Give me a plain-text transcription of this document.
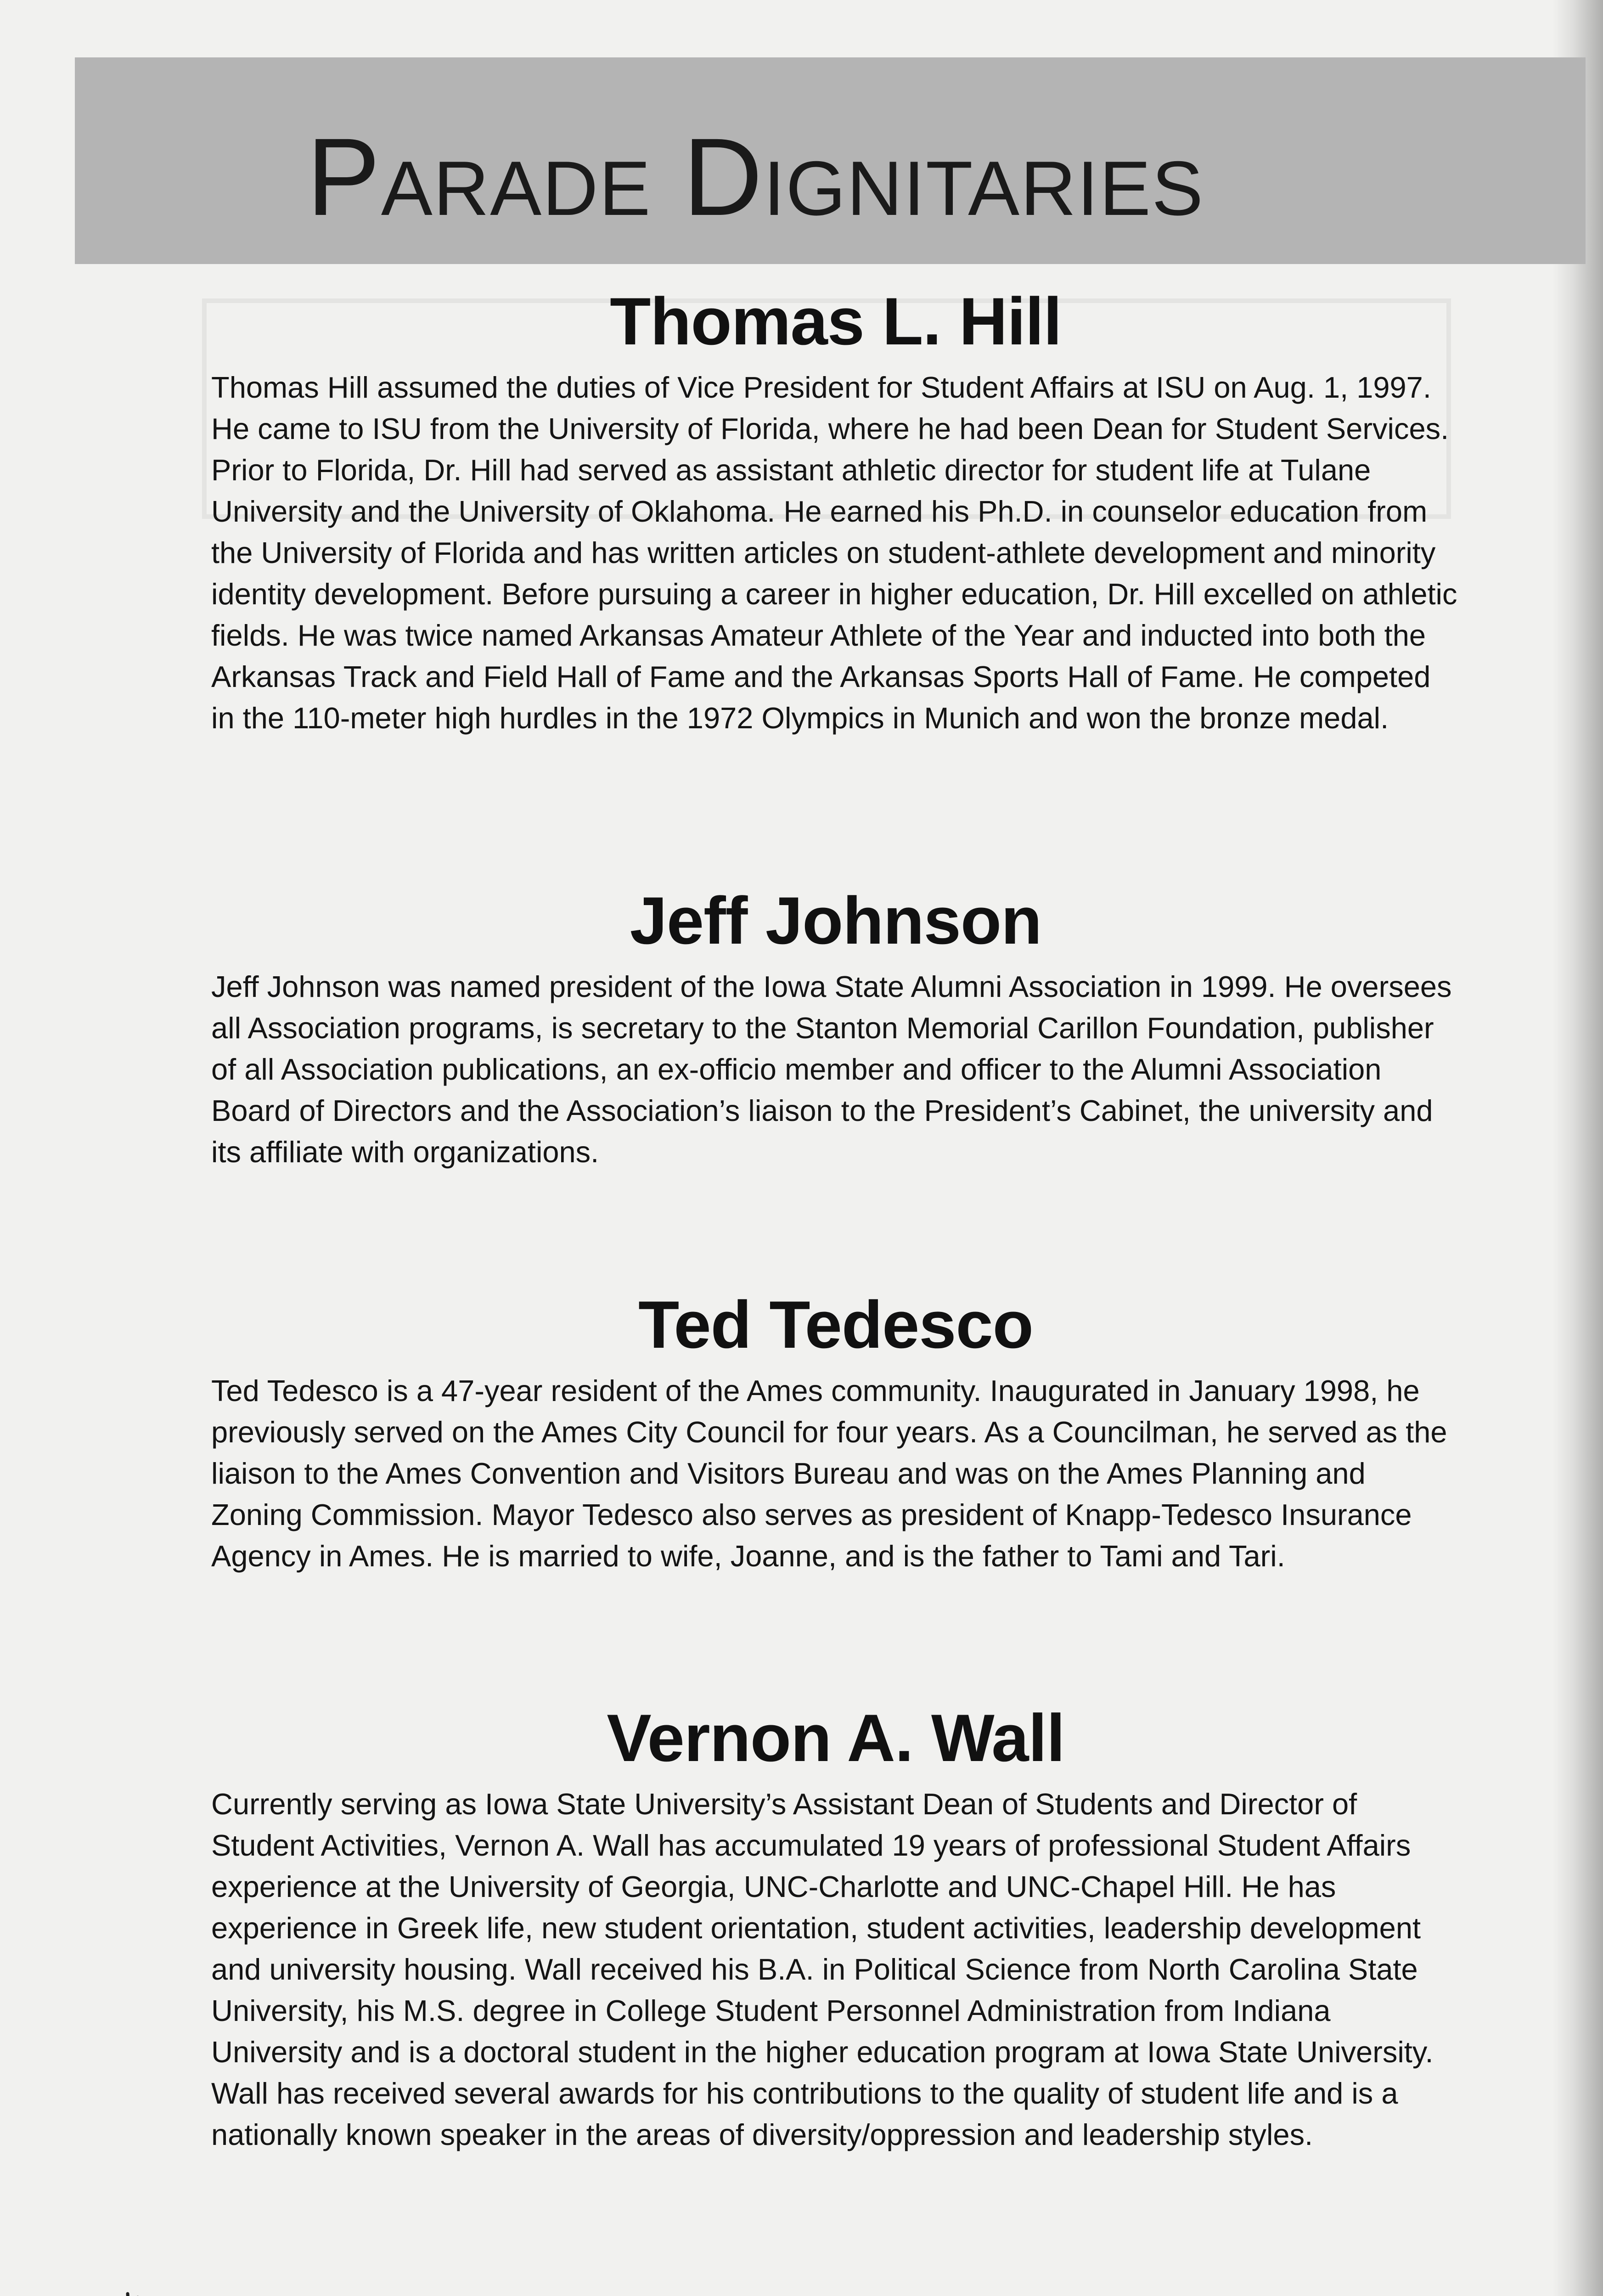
Parade Dignitaries
Thomas L. Hill

Thomas Hill assumed the duties of Vice President for Student Affairs at ISU on Aug. 1, 1997. He came to ISU from the University of Florida, where he had been Dean for Student Services. Prior to Florida, Dr. Hill had served as assistant athletic director for student life at Tulane University and the University of Oklahoma. He earned his Ph.D. in counselor education from the University of Florida and has written articles on student-athlete development and minority identity development. Before pursuing a career in higher education, Dr. Hill excelled on athletic fields. He was twice named Arkansas Amateur Athlete of the Year and inducted into both the Arkansas Track and Field Hall of Fame and the Arkansas Sports Hall of Fame. He competed in the 110-meter high hurdles in the 1972 Olympics in Munich and won the bronze medal.

Jeff Johnson

Jeff Johnson was named president of the Iowa State Alumni Association in 1999. He oversees all Association programs, is secretary to the Stanton Memorial Carillon Foundation, publisher of all Association publications, an ex-officio member and officer to the Alumni Association Board of Directors and the Association’s liaison to the President’s Cabinet, the university and its affiliate with organizations.

Ted Tedesco

Ted Tedesco is a 47-year resident of the Ames community. Inaugurated in January 1998, he previously served on the Ames City Council for four years. As a Councilman, he served as the liaison to the Ames Convention and Visitors Bureau and was on the Ames Planning and Zoning Commission. Mayor Tedesco also serves as president of Knapp-Tedesco Insurance Agency in Ames. He is married to wife, Joanne, and is the father to Tami and Tari.

Vernon A. Wall

Currently serving as Iowa State University’s Assistant Dean of Students and Director of Student Activities, Vernon A. Wall has accumulated 19 years of professional Student Affairs experience at the University of Georgia, UNC-Charlotte and UNC-Chapel Hill. He has experience in Greek life, new student orientation, student activities, leadership development and university housing. Wall received his B.A. in Political Science from North Carolina State University, his M.S. degree in College Student Personnel Administration from Indiana University and is a doctoral student in the higher education program at Iowa State University. Wall has received several awards for his contributions to the quality of student life and is a nationally known speaker in the areas of diversity/oppression and leadership styles.
